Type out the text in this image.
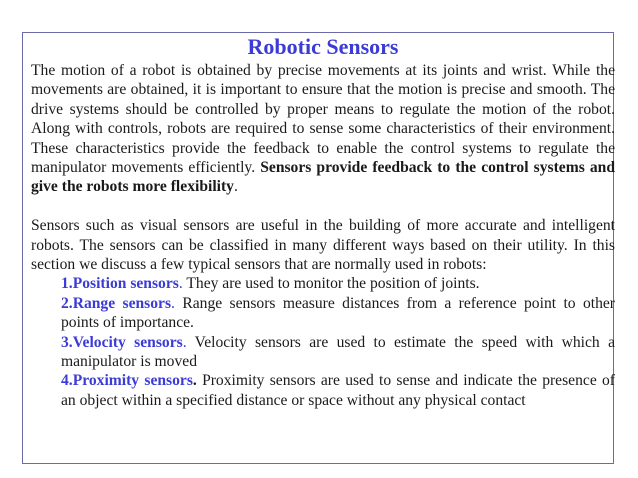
Robotic Sensors

The motion of a robot is obtained by precise movements at its joints and wrist. While the movements are obtained, it is important to ensure that the motion is precise and smooth. The drive systems should be controlled by proper means to regulate the motion of the robot. Along with controls, robots are required to sense some characteristics of their environment. These characteristics provide the feedback to enable the control systems to regulate the manipulator movements efficiently. Sensors provide feedback to the control systems and give the robots more flexibility.

Sensors such as visual sensors are useful in the building of more accurate and intelligent robots. The sensors can be classified in many different ways based on their utility. In this section we discuss a few typical sensors that are normally used in robots:

1.Position sensors. They are used to monitor the position of joints.
2.Range sensors. Range sensors measure distances from a reference point to other points of importance.
3.Velocity sensors. Velocity sensors are used to estimate the speed with which a manipulator is moved
4.Proximity sensors. Proximity sensors are used to sense and indicate the presence of an object within a specified distance or space without any physical contact
